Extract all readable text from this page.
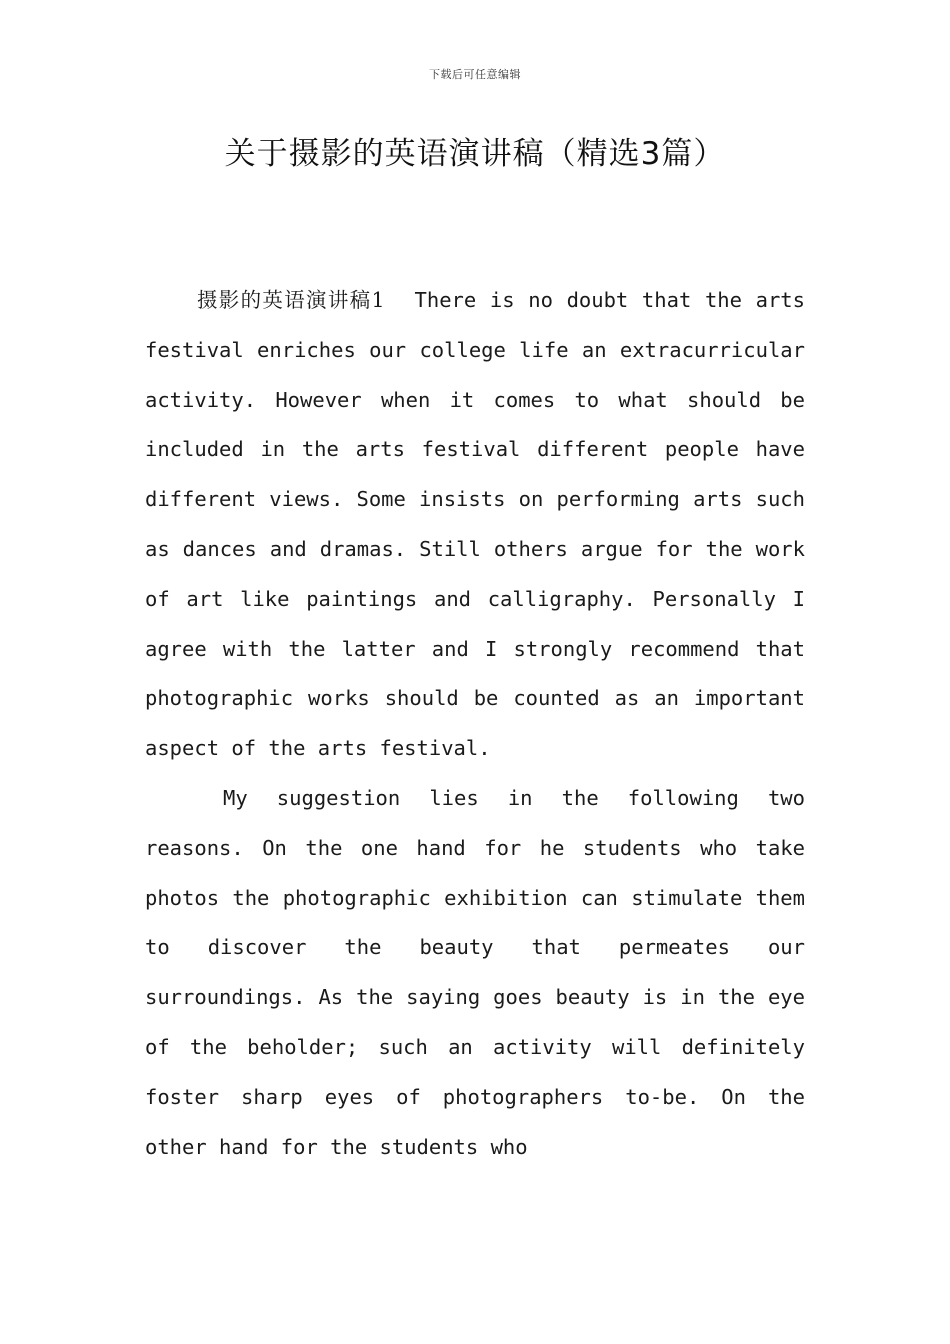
下载后可任意编辑
关于摄影的英语演讲稿（精选3篇）

摄影的英语演讲稿1 There is no doubt that the arts festival enriches our college life an extracurricular activity. However when it comes to what should be included in the arts festival different people have different views. Some insists on performing arts such as dances and dramas. Still others argue for the work of art like paintings and calligraphy. Personally I agree with the latter and I strongly recommend that photographic works should be counted as an important aspect of the arts festival.

My suggestion lies in the following two reasons. On the one hand for he students who take photos the photographic exhibition can stimulate them to discover the beauty that permeates our surroundings. As the saying goes beauty is in the eye of the beholder; such an activity will definitely foster sharp eyes of photographers to-be. On the other hand for the students who
